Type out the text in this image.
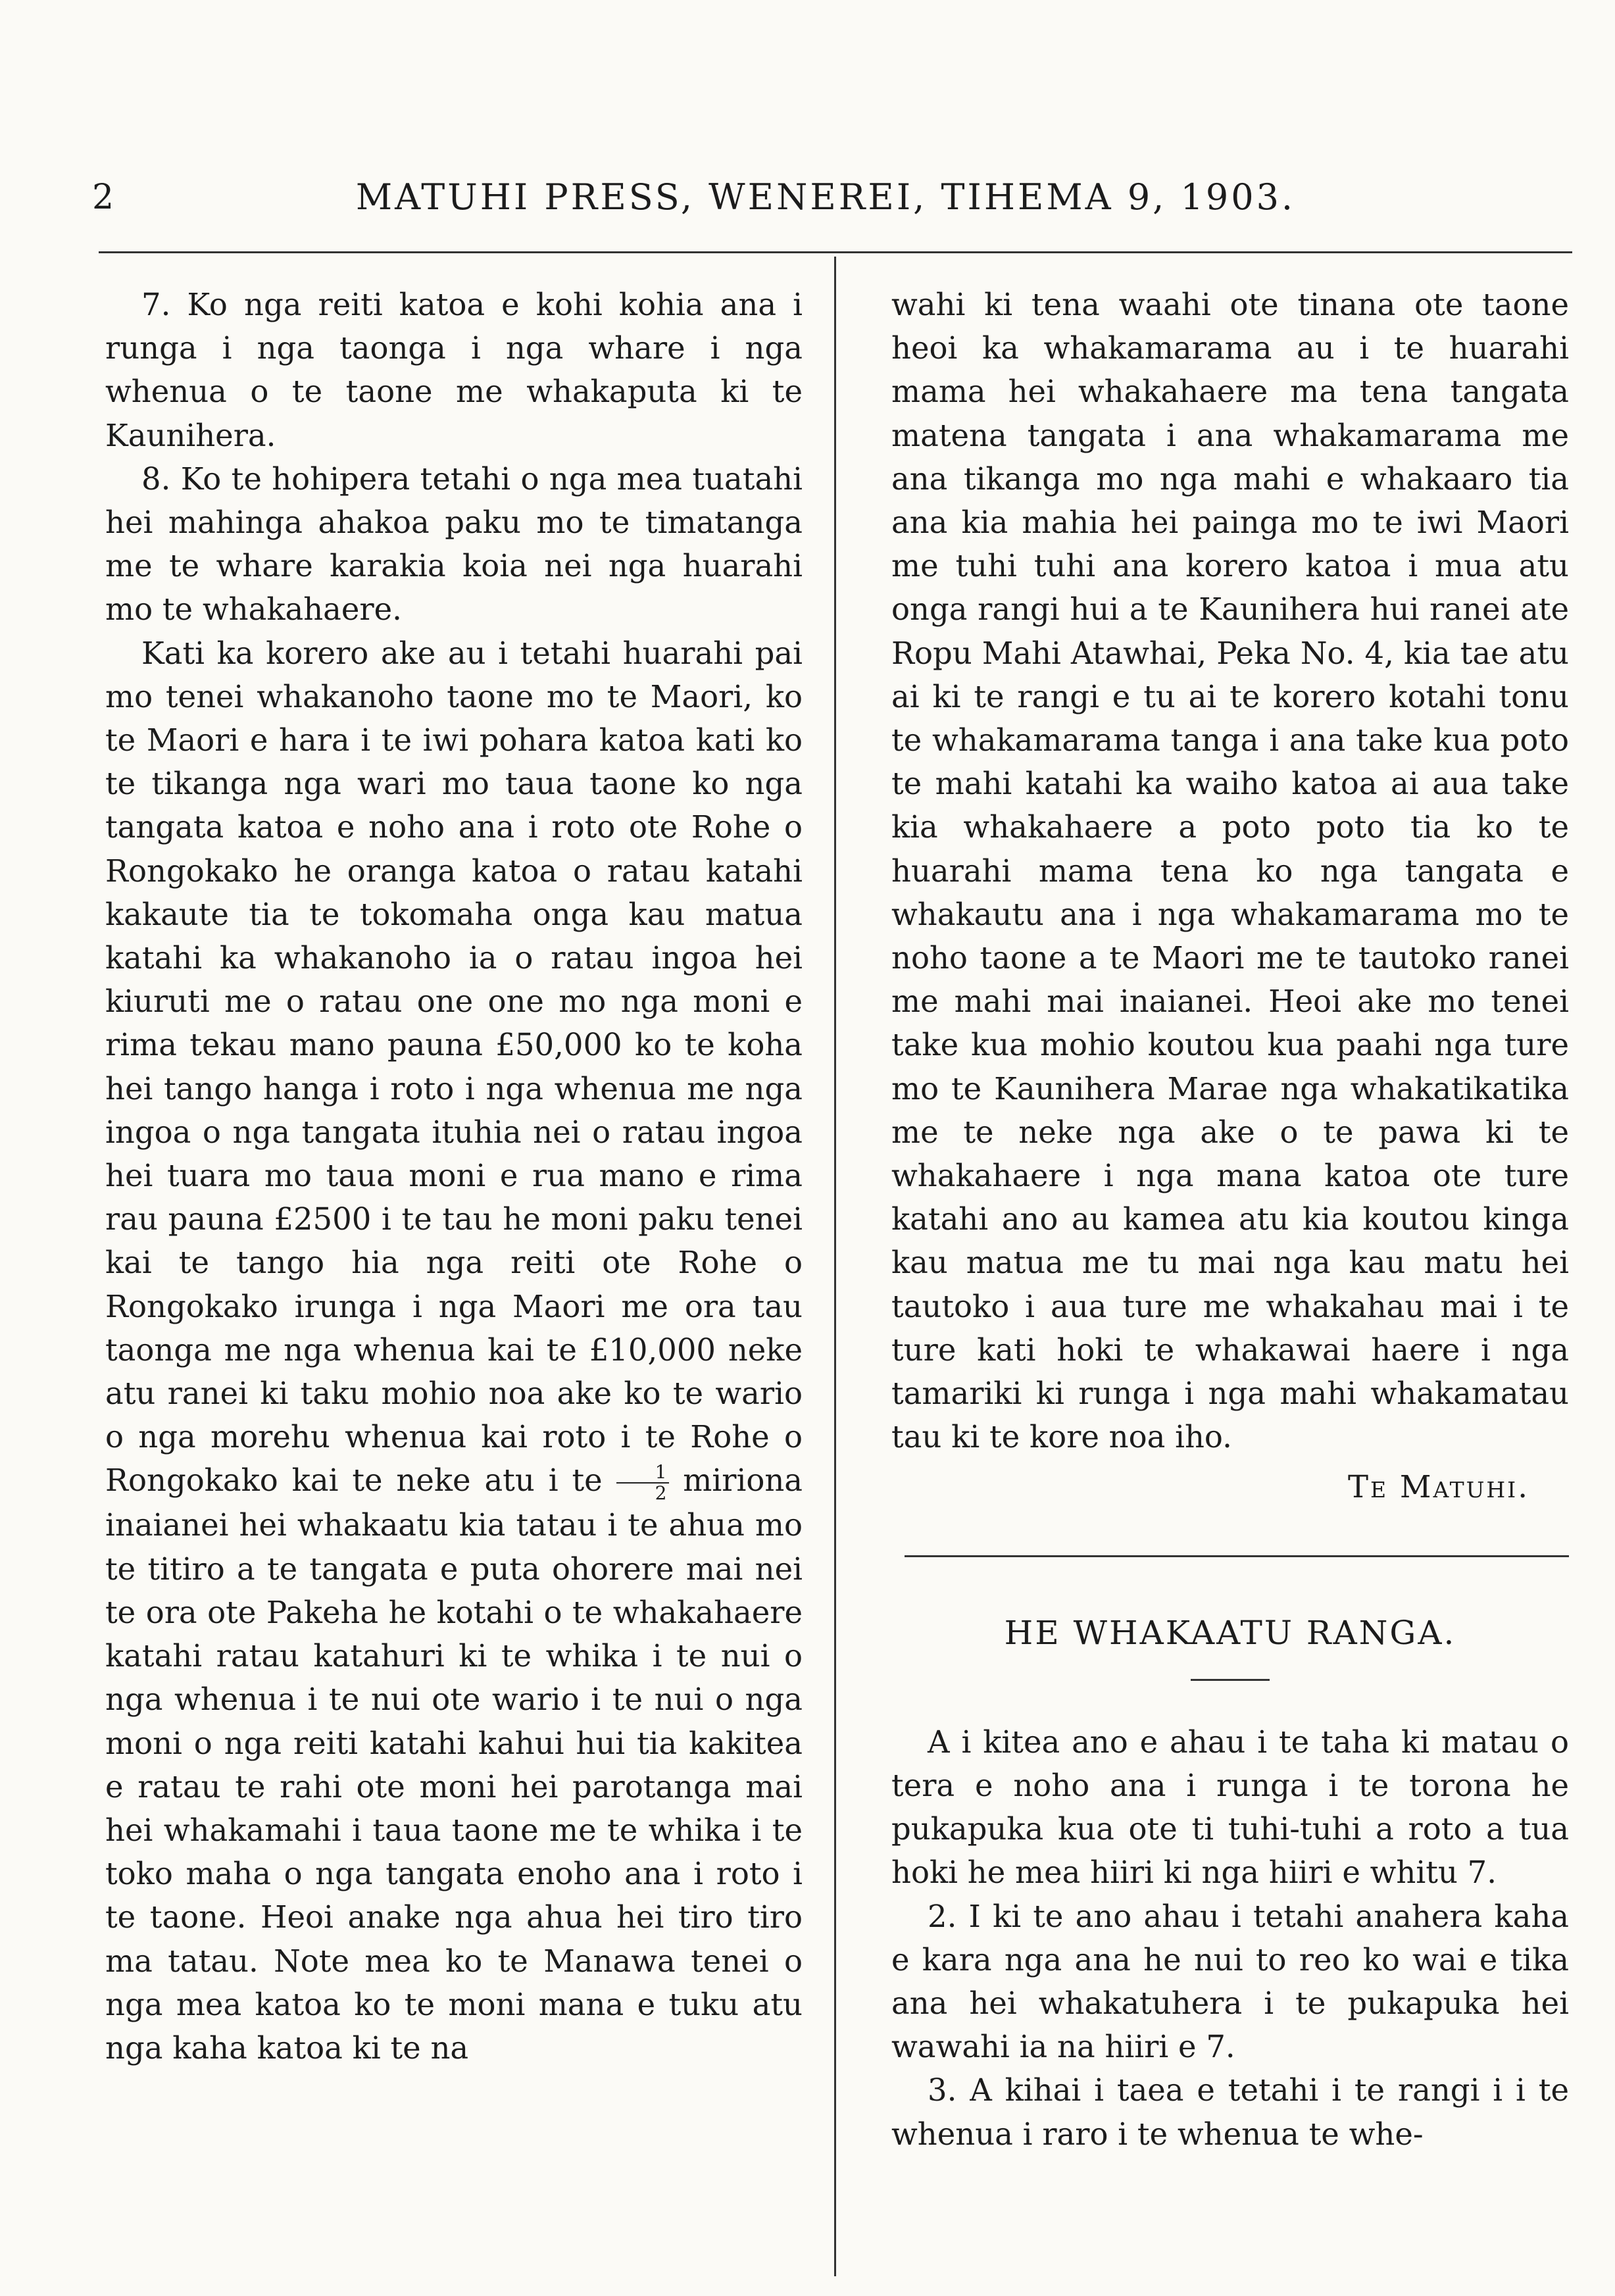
2	MATUHI PRESS, WENEREI, TIHEMA 9, 1903.

7. Ko nga reiti katoa e kohi kohia ana i runga i nga taonga i nga whare i nga whenua o te taone me whakaputa ki te Kaunihera.

8. Ko te hohipera tetahi o nga mea tuatahi hei mahinga ahakoa paku mo te timatanga me te whare karakia koia nei nga huarahi mo te whakahaere.

Kati ka korero ake au i tetahi huarahi pai mo tenei whakanoho taone mo te Maori, ko te Maori e hara i te iwi pohara katoa kati ko te tikanga nga wari mo taua taone ko nga tangata katoa e noho ana i roto ote Rohe o Rongokako he oranga katoa o ratau katahi kakaute tia te tokomaha onga kau matua katahi ka whakanoho ia o ratau ingoa hei kiuruti me o ratau one one mo nga moni e rima tekau mano pauna £50,000 ko te koha hei tango hanga i roto i nga whenua me nga ingoa o nga tangata ituhia nei o ratau ingoa hei tuara mo taua moni e rua mano e rima rau pauna £2500 i te tau he moni paku tenei kai te tango hia nga reiti ote Rohe o Rongokako irunga i nga Maori me ora tau taonga me nga whenua kai te £10,000 neke atu ranei ki taku mohio noa ake ko te wario o nga morehu whenua kai roto i te Rohe o Rongokako kai te neke atu i te $\frac{1}{2}$ miriona inaianei hei whakaatu kia tatau i te ahua mo te titiro a te tangata e puta ohorere mai nei te ora ote Pakeha he kotahi o te whakahaere katahi ratau katahuri ki te whika i te nui o nga whenua i te nui ote wario i te nui o nga moni o nga reiti katahi kahui hui tia kakitea e ratau te rahi ote moni hei parotanga mai hei whakamahi i taua taone me te whika i te toko maha o nga tangata enoho ana i roto i te taone. Heoi anake nga ahua hei tiro tiro ma tatau. Note mea ko te Manawa tenei o nga mea katoa ko te moni mana e tuku atu nga kaha katoa ki te na

wahi ki tena waahi ote tinana ote taone heoi ka whakamarama au i te huarahi mama hei whakahaere ma tena tangata matena tangata i ana whakamarama me ana tikanga mo nga mahi e whakaaro tia ana kia mahia hei painga mo te iwi Maori me tuhi tuhi ana korero katoa i mua atu onga rangi hui a te Kaunihera hui ranei ate Ropu Mahi Atawhai, Peka No. 4, kia tae atu ai ki te rangi e tu ai te korero kotahi tonu te whakamarama tanga i ana take kua poto te mahi katahi ka waiho katoa ai aua take kia whakahaere a poto poto tia ko te huarahi mama tena ko nga tangata e whakautu ana i nga whakamarama mo te noho taone a te Maori me te tautoko ranei me mahi mai inaianei. Heoi ake mo tenei take kua mohio koutou kua paahi nga ture mo te Kaunihera Marae nga whakatikatika me te neke nga ake o te pawa ki te whakahaere i nga mana katoa ote ture katahi ano au kamea atu kia koutou kinga kau matua me tu mai nga kau matu hei tautoko i aua ture me whakahau mai i te ture kati hoki te whakawai haere i nga tamariki ki runga i nga mahi whakamatau tau ki te kore noa iho.

Te Matuhi.
HE WHAKAATU RANGA.

A i kitea ano e ahau i te taha ki matau o tera e noho ana i runga i te torona he pukapuka kua ote ti tuhi-tuhi a roto a tua hoki he mea hiiri ki nga hiiri e whitu 7.

2. I ki te ano ahau i tetahi anahera kaha e kara nga ana he nui to reo ko wai e tika ana hei whakatuhera i te pukapuka hei wawahi ia na hiiri e 7.

3. A kihai i taea e tetahi i te rangi i i te whenua i raro i te whenua te whe-
